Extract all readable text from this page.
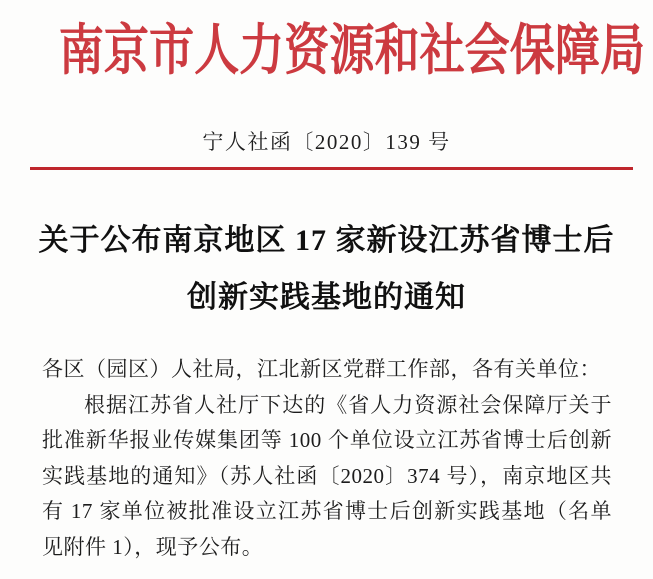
南京市人力资源和社会保障局
宁人社函〔2020〕139 号
关于公布南京地区 17 家新设江苏省博士后
创新实践基地的通知

各区（园区）人社局，江北新区党群工作部，各有关单位：

根据江苏省人社厅下达的《省人力资源社会保障厅关于批准新华报业传媒集团等 100 个单位设立江苏省博士后创新实践基地的通知》（苏人社函〔2020〕374 号），南京地区共有 17 家单位被批准设立江苏省博士后创新实践基地（名单见附件 1），现予公布。
